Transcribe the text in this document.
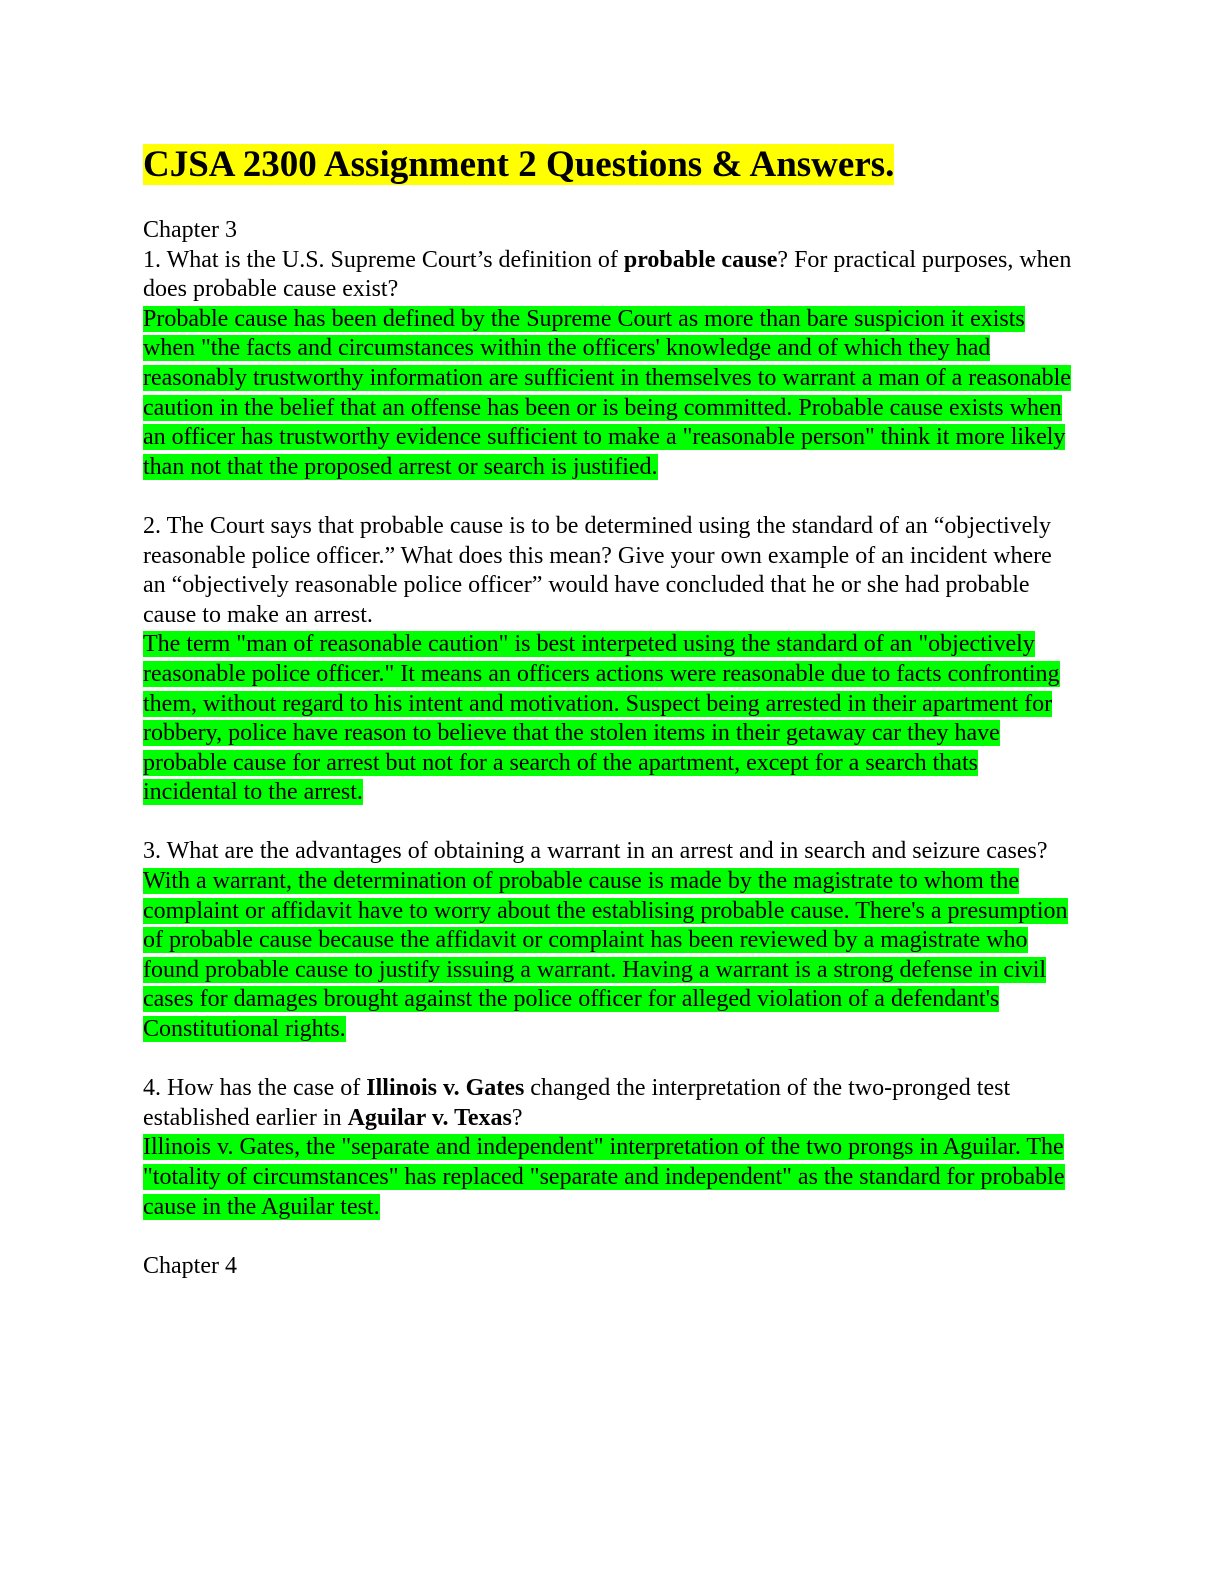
CJSA 2300 Assignment 2 Questions & Answers.

Chapter 3

1. What is the U.S. Supreme Court’s definition of probable cause? For practical purposes, when does probable cause exist?

Probable cause has been defined by the Supreme Court as more than bare suspicion it exists when "the facts and circumstances within the officers' knowledge and of which they had reasonably trustworthy information are sufficient in themselves to warrant a man of a reasonable caution in the belief that an offense has been or is being committed. Probable cause exists when an officer has trustworthy evidence sufficient to make a "reasonable person" think it more likely than not that the proposed arrest or search is justified.

2. The Court says that probable cause is to be determined using the standard of an “objectively reasonable police officer.” What does this mean? Give your own example of an incident where an “objectively reasonable police officer” would have concluded that he or she had probable cause to make an arrest.

The term "man of reasonable caution" is best interpeted using the standard of an "objectively reasonable police officer." It means an officers actions were reasonable due to facts confronting them, without regard to his intent and motivation. Suspect being arrested in their apartment for robbery, police have reason to believe that the stolen items in their getaway car they have probable cause for arrest but not for a search of the apartment, except for a search thats incidental to the arrest.

3. What are the advantages of obtaining a warrant in an arrest and in search and seizure cases?

With a warrant, the determination of probable cause is made by the magistrate to whom the complaint or affidavit have to worry about the establising probable cause. There's a presumption of probable cause because the affidavit or complaint has been reviewed by a magistrate who found probable cause to justify issuing a warrant. Having a warrant is a strong defense in civil cases for damages brought against the police officer for alleged violation of a defendant's Constitutional rights.

4. How has the case of Illinois v. Gates changed the interpretation of the two-pronged test established earlier in Aguilar v. Texas?

Illinois v. Gates, the "separate and independent" interpretation of the two prongs in Aguilar. The "totality of circumstances" has replaced "separate and independent" as the standard for probable cause in the Aguilar test.

Chapter 4
